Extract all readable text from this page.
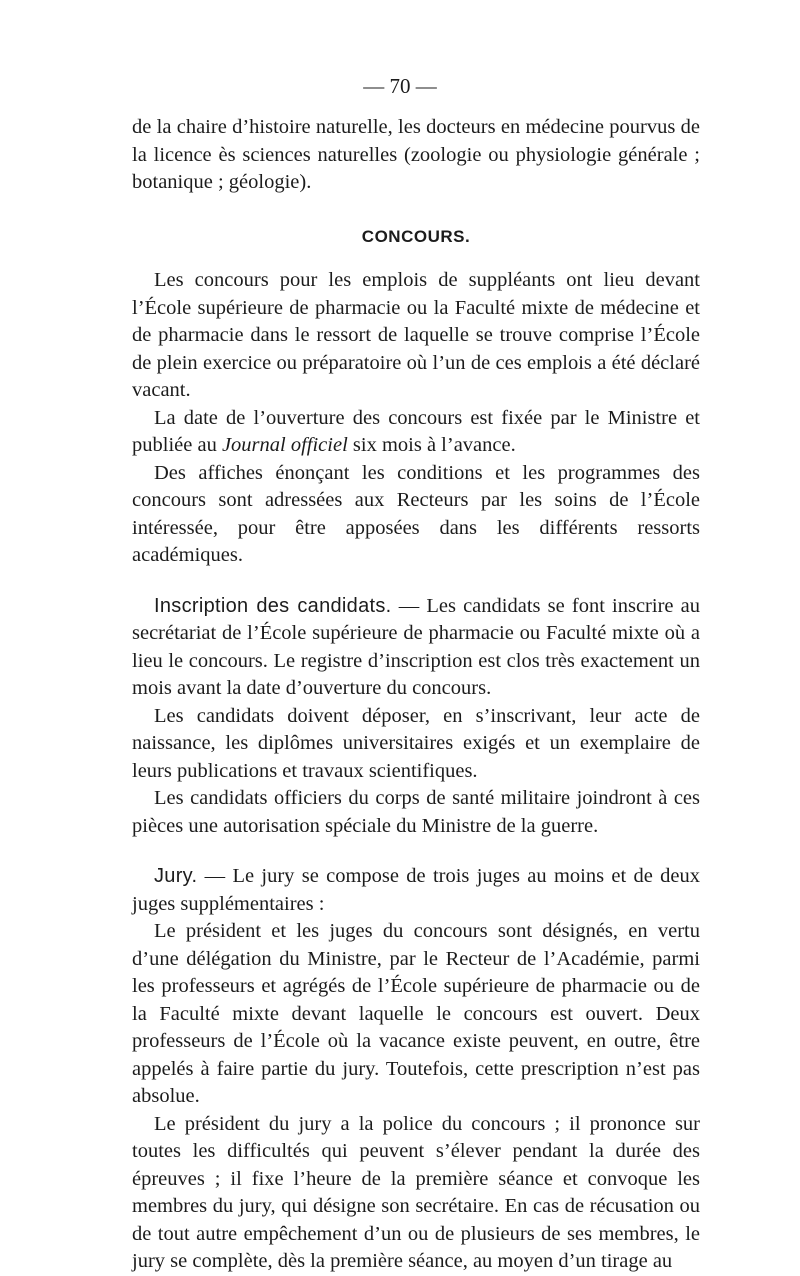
— 70 —

de la chaire d’histoire naturelle, les docteurs en médecine pourvus de la licence ès sciences naturelles (zoologie ou physiologie générale ; botanique ; géologie).

CONCOURS.

Les concours pour les emplois de suppléants ont lieu devant l’École supérieure de pharmacie ou la Faculté mixte de médecine et de pharmacie dans le ressort de laquelle se trouve comprise l’École de plein exercice ou préparatoire où l’un de ces emplois a été déclaré vacant.

La date de l’ouverture des concours est fixée par le Ministre et publiée au Journal officiel six mois à l’avance.

Des affiches énonçant les conditions et les programmes des concours sont adressées aux Recteurs par les soins de l’École intéressée, pour être apposées dans les différents ressorts académiques.

Inscription des candidats. — Les candidats se font inscrire au secrétariat de l’École supérieure de pharmacie ou Faculté mixte où a lieu le concours. Le registre d’inscription est clos très exactement un mois avant la date d’ouverture du concours.

Les candidats doivent déposer, en s’inscrivant, leur acte de naissance, les diplômes universitaires exigés et un exemplaire de leurs publications et travaux scientifiques.

Les candidats officiers du corps de santé militaire joindront à ces pièces une autorisation spéciale du Ministre de la guerre.

Jury. — Le jury se compose de trois juges au moins et de deux juges supplémentaires :

Le président et les juges du concours sont désignés, en vertu d’une délégation du Ministre, par le Recteur de l’Académie, parmi les professeurs et agrégés de l’École supérieure de pharmacie ou de la Faculté mixte devant laquelle le concours est ouvert. Deux professeurs de l’École où la vacance existe peuvent, en outre, être appelés à faire partie du jury. Toutefois, cette prescription n’est pas absolue.

Le président du jury a la police du concours ; il prononce sur toutes les difficultés qui peuvent s’élever pendant la durée des épreuves ; il fixe l’heure de la première séance et convoque les membres du jury, qui désigne son secrétaire. En cas de récusation ou de tout autre empêchement d’un ou de plusieurs de ses membres, le jury se complète, dès la première séance, au moyen d’un tirage au
